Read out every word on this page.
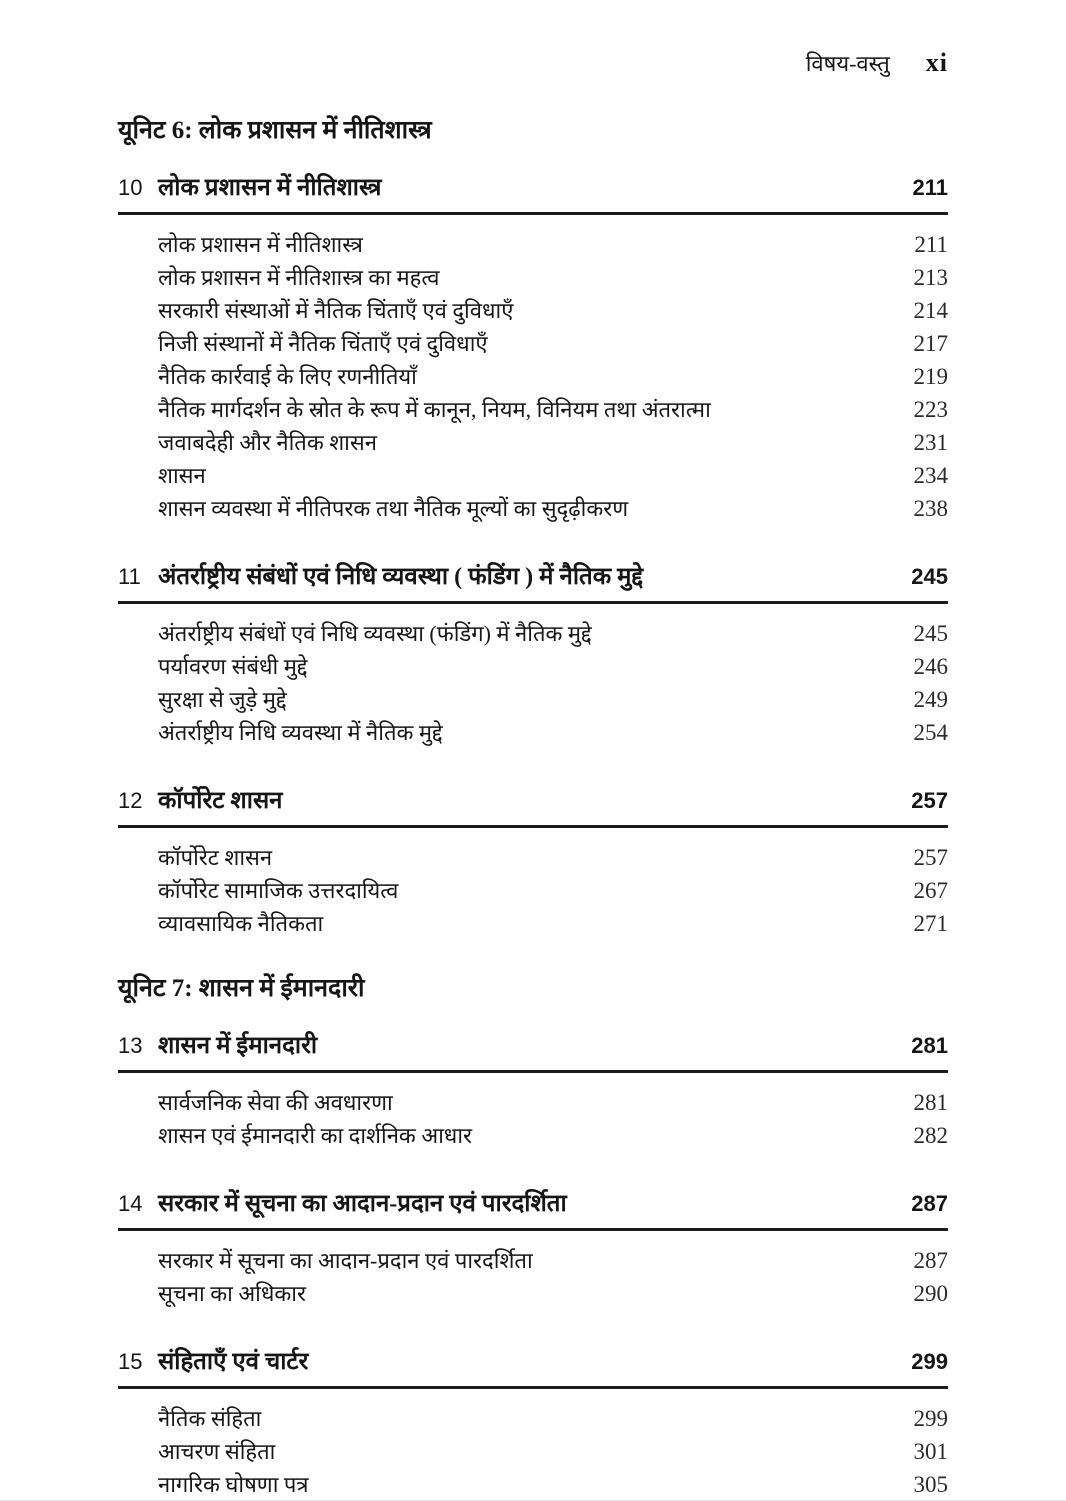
विषय-वस्तु xi
यूनिट 6: लोक प्रशासन में नीतिशास्त्र
10 लोक प्रशासन में नीतिशास्त्र	211
लोक प्रशासन में नीतिशास्त्र	211
लोक प्रशासन में नीतिशास्त्र का महत्व	213
सरकारी संस्थाओं में नैतिक चिंताएँ एवं दुविधाएँ	214
निजी संस्थानों में नैतिक चिंताएँ एवं दुविधाएँ	217
नैतिक कार्रवाई के लिए रणनीतियाँ	219
नैतिक मार्गदर्शन के स्रोत के रूप में कानून, नियम, विनियम तथा अंतरात्मा	223
जवाबदेही और नैतिक शासन	231
शासन	234
शासन व्यवस्था में नीतिपरक तथा नैतिक मूल्यों का सुदृढ़ीकरण	238
11 अंतर्राष्ट्रीय संबंधों एवं निधि व्यवस्था ( फंडिंग ) में नैतिक मुद्दे	245
अंतर्राष्ट्रीय संबंधों एवं निधि व्यवस्था (फंडिंग) में नैतिक मुद्दे	245
पर्यावरण संबंधी मुद्दे	246
सुरक्षा से जुड़े मुद्दे	249
अंतर्राष्ट्रीय निधि व्यवस्था में नैतिक मुद्दे	254
12 कॉर्पोरेट शासन	257
कॉर्पोरेट शासन	257
कॉर्पोरेट सामाजिक उत्तरदायित्व	267
व्यावसायिक नैतिकता	271
यूनिट 7: शासन में ईमानदारी
13 शासन में ईमानदारी	281
सार्वजनिक सेवा की अवधारणा	281
शासन एवं ईमानदारी का दार्शनिक आधार	282
14 सरकार में सूचना का आदान-प्रदान एवं पारदर्शिता	287
सरकार में सूचना का आदान-प्रदान एवं पारदर्शिता	287
सूचना का अधिकार	290
15 संहिताएँ एवं चार्टर	299
नैतिक संहिता	299
आचरण संहिता	301
नागरिक घोषणा पत्र	305
